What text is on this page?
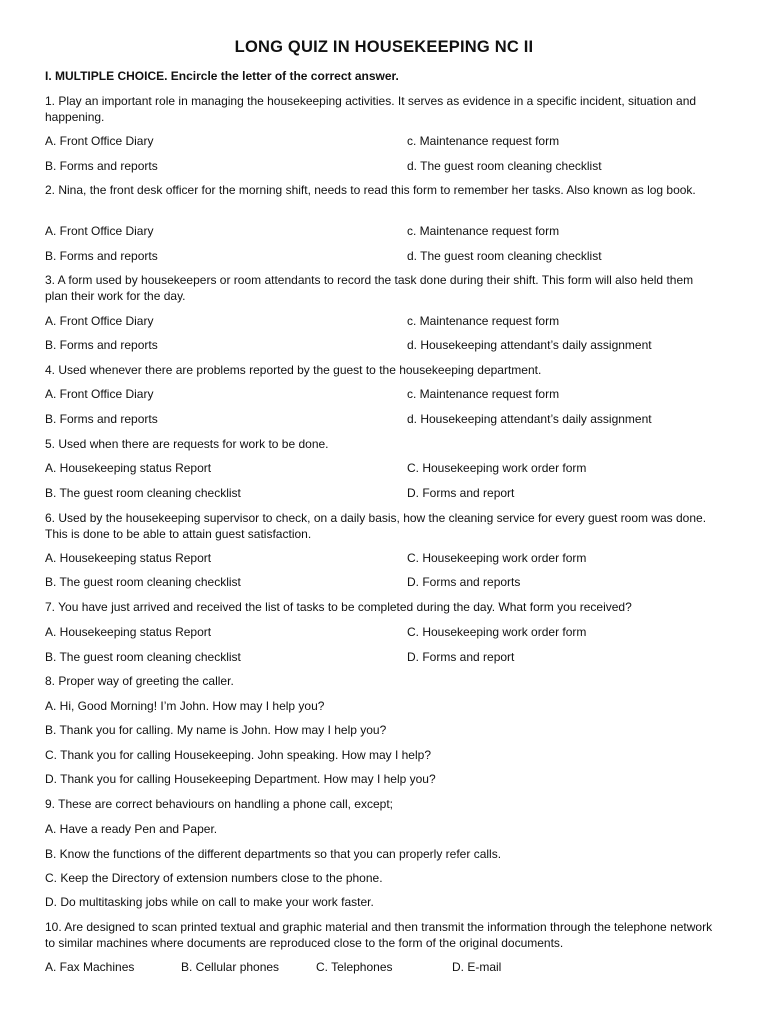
LONG QUIZ IN HOUSEKEEPING NC II
I. MULTIPLE CHOICE. Encircle the letter of the correct answer.
1. Play an important role in managing the housekeeping activities. It serves as evidence in a specific incident, situation and happening.
A. Front Office Diary	c. Maintenance request form
B. Forms and reports	d. The guest room cleaning checklist
2. Nina, the front desk officer for the morning shift, needs to read this form to remember her tasks. Also known as log book.
A. Front Office Diary	c. Maintenance request form
B. Forms and reports	d. The guest room cleaning checklist
3. A form used by housekeepers or room attendants to record the task done during their shift. This form will also held them plan their work for the day.
A. Front Office Diary	c. Maintenance request form
B. Forms and reports	d. Housekeeping attendant’s daily assignment
4. Used whenever there are problems reported by the guest to the housekeeping department.
A. Front Office Diary	c. Maintenance request form
B. Forms and reports	d. Housekeeping attendant’s daily assignment
5. Used when there are requests for work to be done.
A. Housekeeping status Report	C. Housekeeping work order form
B. The guest room cleaning checklist	D. Forms and report
6. Used by the housekeeping supervisor to check, on a daily basis, how the cleaning service for every guest room was done. This is done to be able to attain guest satisfaction.
A. Housekeeping status Report	C. Housekeeping work order form
B. The guest room cleaning checklist	D. Forms and reports
7. You have just arrived and received the list of tasks to be completed during the day. What form you received?
A. Housekeeping status Report	C. Housekeeping work order form
B. The guest room cleaning checklist	D. Forms and report
8. Proper way of greeting the caller.
A. Hi, Good Morning! I’m John. How may I help you?
B. Thank you for calling. My name is John. How may I help you?
C. Thank you for calling Housekeeping. John speaking. How may I help?
D. Thank you for calling Housekeeping Department. How may I help you?
9. These are correct behaviours on handling a phone call, except;
A. Have a ready Pen and Paper.
B. Know the functions of the different departments so that you can properly refer calls.
C. Keep the Directory of extension numbers close to the phone.
D. Do multitasking jobs while on call to make your work faster.
10. Are designed to scan printed textual and graphic material and then transmit the information through the telephone network to similar machines where documents are reproduced close to the form of the original documents.
A. Fax Machines	B. Cellular phones	C. Telephones	D. E-mail
